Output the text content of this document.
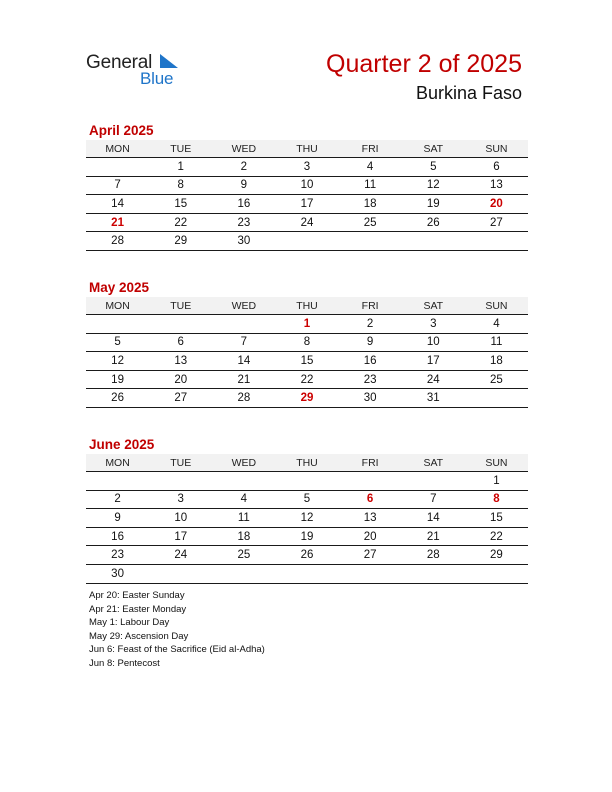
General
Blue
Quarter 2 of 2025
Burkina Faso
April 2025
MON	TUE	WED	THU	FRI	SAT	SUN
	1	2	3	4	5	6
7	8	9	10	11	12	13
14	15	16	17	18	19	20
21	22	23	24	25	26	27
28	29	30				
May 2025
MON	TUE	WED	THU	FRI	SAT	SUN
			1	2	3	4
5	6	7	8	9	10	11
12	13	14	15	16	17	18
19	20	21	22	23	24	25
26	27	28	29	30	31	
June 2025
MON	TUE	WED	THU	FRI	SAT	SUN
						1
2	3	4	5	6	7	8
9	10	11	12	13	14	15
16	17	18	19	20	21	22
23	24	25	26	27	28	29
30						
Apr 20: Easter Sunday
Apr 21: Easter Monday
May 1: Labour Day
May 29: Ascension Day
Jun 6: Feast of the Sacrifice (Eid al-Adha)
Jun 8: Pentecost
